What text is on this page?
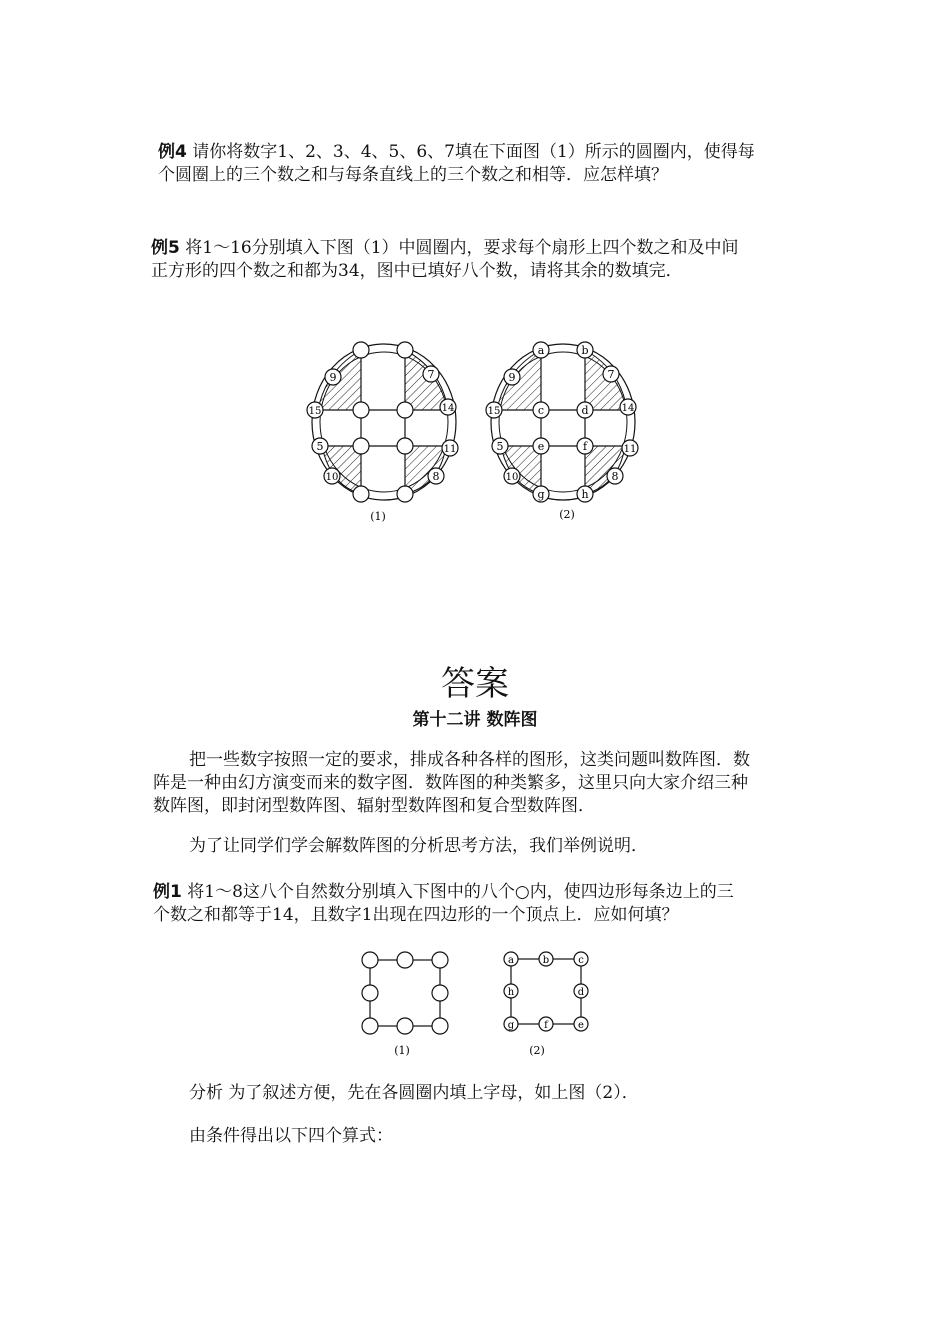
例4 请你将数字1、2、3、4、5、6、7填在下面图（1）所示的圆圈内，使得每

个圆圈上的三个数之和与每条直线上的三个数之和相等．应怎样填？

例5 将1～16分别填入下图（1）中圆圈内，要求每个扇形上四个数之和及中间

正方形的四个数之和都为34，图中已填好八个数，请将其余的数填完．

9	7
15	14
5	11
10	8
(1)
a	b
c	d
e	f
g	h
9	7
15	14
5	11
10	8
(2)
答案
第十二讲 数阵图

把一些数字按照一定的要求，排成各种各样的图形，这类问题叫数阵图．数

阵是一种由幻方演变而来的数字图．数阵图的种类繁多，这里只向大家介绍三种

数阵图，即封闭型数阵图、辐射型数阵图和复合型数阵图．

为了让同学们学会解数阵图的分析思考方法，我们举例说明．

例1 将1～8这八个自然数分别填入下图中的八个○内，使四边形每条边上的三

个数之和都等于14，且数字1出现在四边形的一个顶点上．应如何填？

(1)
a	b	c
d
e
f
g
h
(2)

分析 为了叙述方便，先在各圆圈内填上字母，如上图（2）．

由条件得出以下四个算式：
